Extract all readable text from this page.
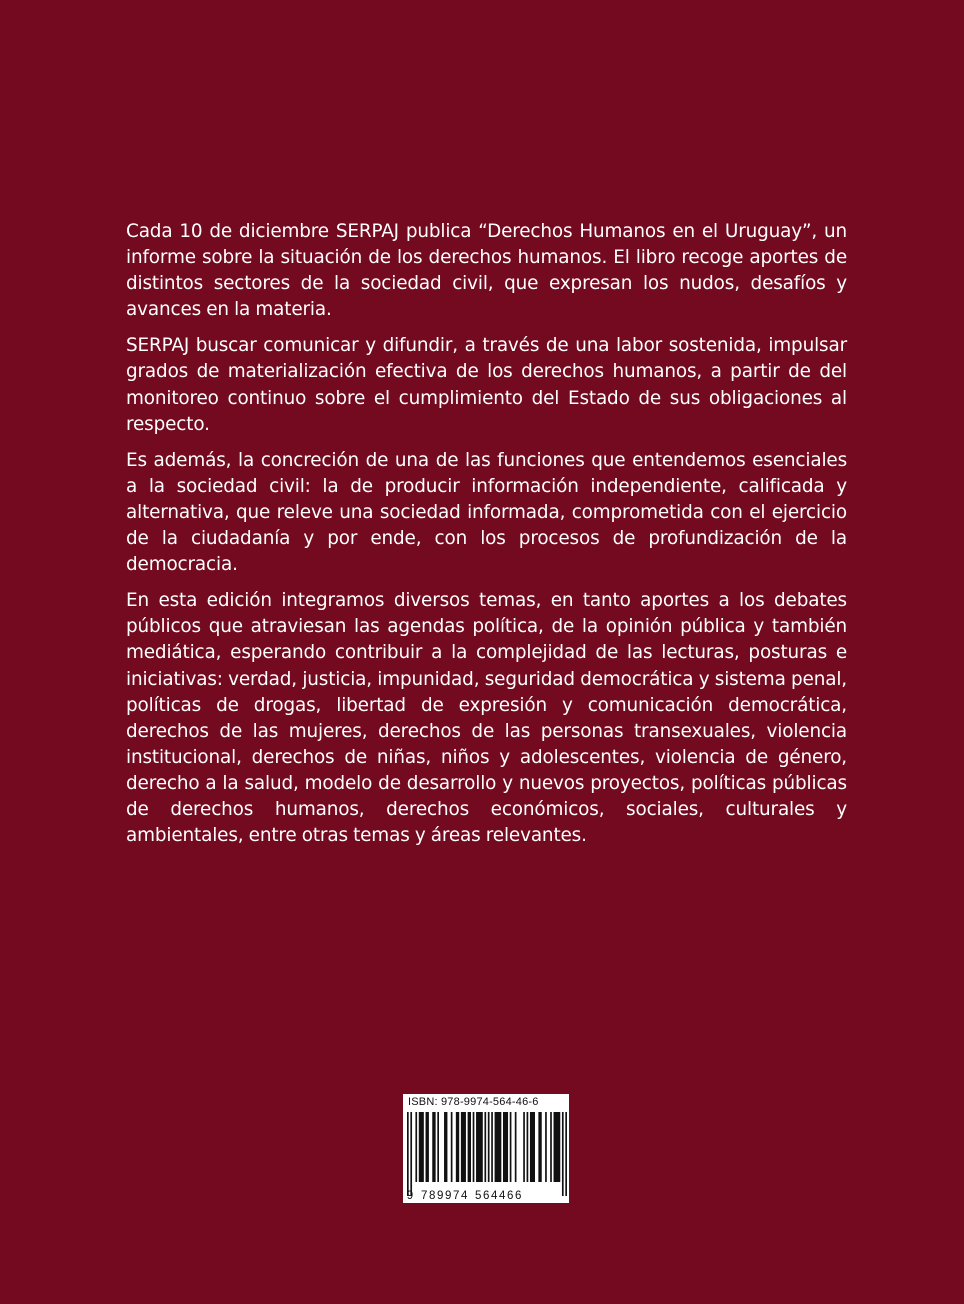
Cada 10 de diciembre SERPAJ publica “Derechos Humanos en el Uruguay”, un informe sobre la situación de los derechos humanos. El libro recoge aportes de distintos sectores de la sociedad civil, que expresan los nudos, desafíos y avances en la materia.

SERPAJ buscar comunicar y difundir, a través de una labor sostenida, impulsar grados de materialización efectiva de los derechos humanos, a partir de del monitoreo continuo sobre el cumplimiento del Estado de sus obligaciones al respecto.

Es además, la concreción de una de las funciones que entendemos esenciales a la sociedad civil: la de producir información independiente, calificada y alternativa, que releve una sociedad informada, comprometida con el ejercicio de la ciudadanía y por ende, con los procesos de profundización de la democracia.

En esta edición integramos diversos temas, en tanto aportes a los debates públicos que atraviesan las agendas política, de la opinión pública y también mediática, esperando contribuir a la complejidad de las lecturas, posturas e iniciativas: verdad, justicia, impunidad, seguridad democrática y sistema penal, políticas de drogas, libertad de expresión y comunicación democrática, derechos de las mujeres, derechos de las personas transexuales, violencia institucional, derechos de niñas, niños y adolescentes, violencia de género, derecho a la salud, modelo de desarrollo y nuevos proyectos, políticas públicas de derechos humanos, derechos económicos, sociales, culturales y ambientales, entre otras temas y áreas relevantes.

ISBN: 978-9974-564-46-6
9 789974 564466
